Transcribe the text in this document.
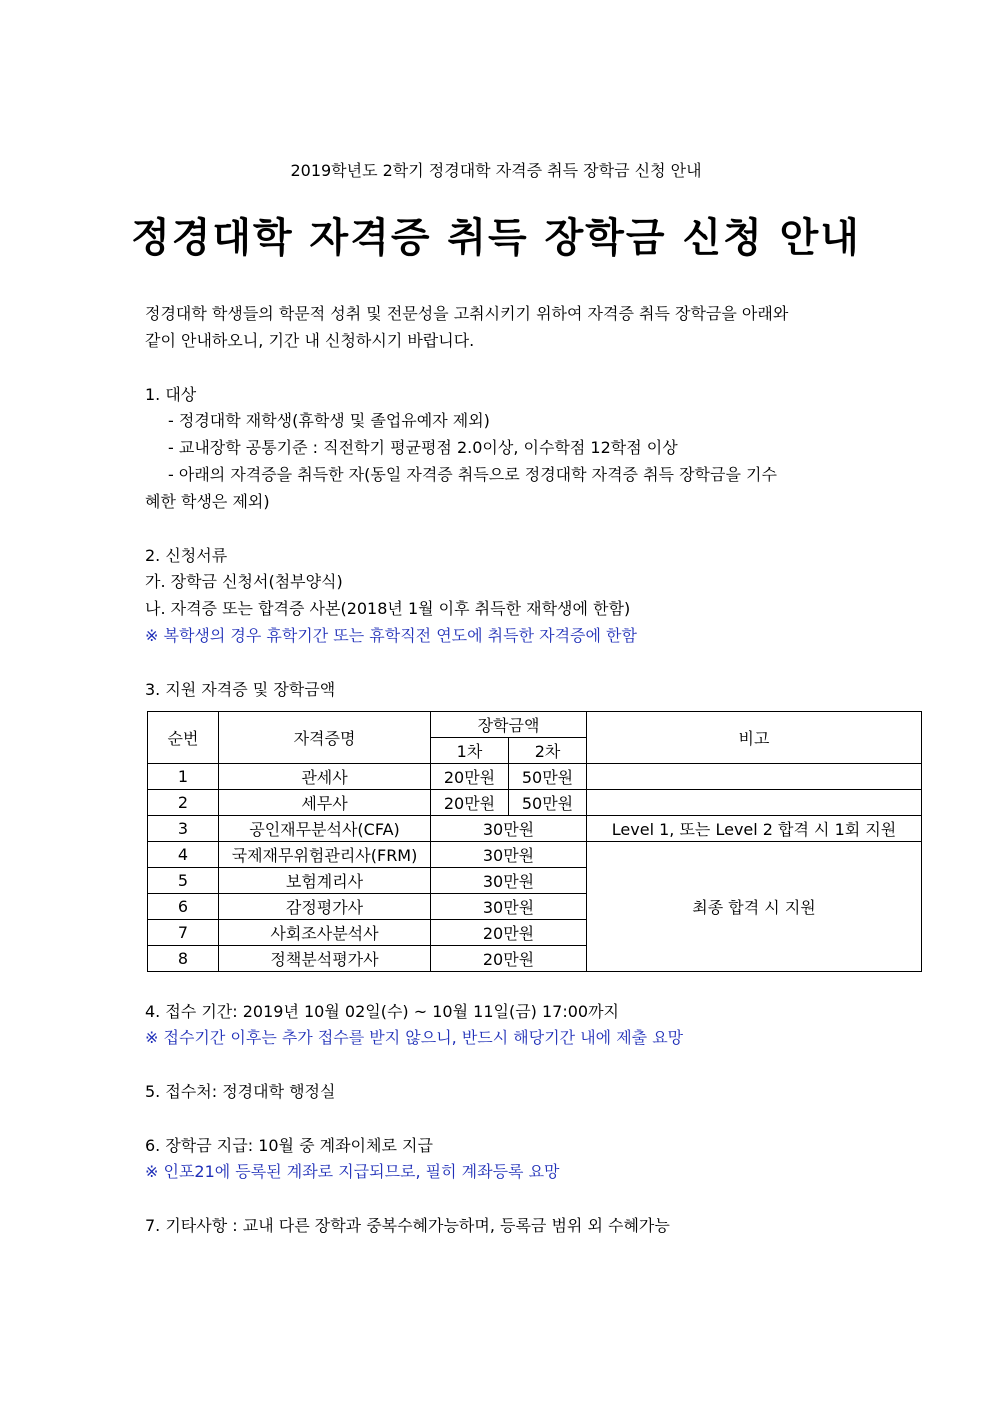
2019학년도 2학기 정경대학 자격증 취득 장학금 신청 안내
정경대학 자격증 취득 장학금 신청 안내
정경대학 학생들의 학문적 성취 및 전문성을 고취시키기 위하여 자격증 취득 장학금을 아래와
같이 안내하오니, 기간 내 신청하시기 바랍니다.
1. 대상
- 정경대학 재학생(휴학생 및 졸업유예자 제외)
- 교내장학 공통기준 : 직전학기 평균평점 2.0이상, 이수학점 12학점 이상
- 아래의 자격증을 취득한 자(동일 자격증 취득으로 정경대학 자격증 취득 장학금을 기수
혜한 학생은 제외)
2. 신청서류
가. 장학금 신청서(첨부양식)
나. 자격증 또는 합격증 사본(2018년 1월 이후 취득한 재학생에 한함)
※ 복학생의 경우 휴학기간 또는 휴학직전 연도에 취득한 자격증에 한함
3. 지원 자격증 및 장학금액
순번	자격증명	장학금액		비고
		1차	2차	
1	관세사	20만원	50만원	
2	세무사	20만원	50만원	
3	공인재무분석사(CFA)	30만원		Level 1, 또는 Level 2 합격 시 1회 지원
4	국제재무위험관리사(FRM)	30만원		최종 합격 시 지원
5	보험계리사	30만원		
6	감정평가사	30만원		
7	사회조사분석사	20만원		
8	정책분석평가사	20만원		
4. 접수 기간: 2019년 10월 02일(수) ~ 10월 11일(금) 17:00까지
※ 접수기간 이후는 추가 접수를 받지 않으니, 반드시 해당기간 내에 제출 요망
5. 접수처: 정경대학 행정실
6. 장학금 지급: 10월 중 계좌이체로 지급
※ 인포21에 등록된 계좌로 지급되므로, 필히 계좌등록 요망
7. 기타사항 : 교내 다른 장학과 중복수혜가능하며, 등록금 범위 외 수혜가능
